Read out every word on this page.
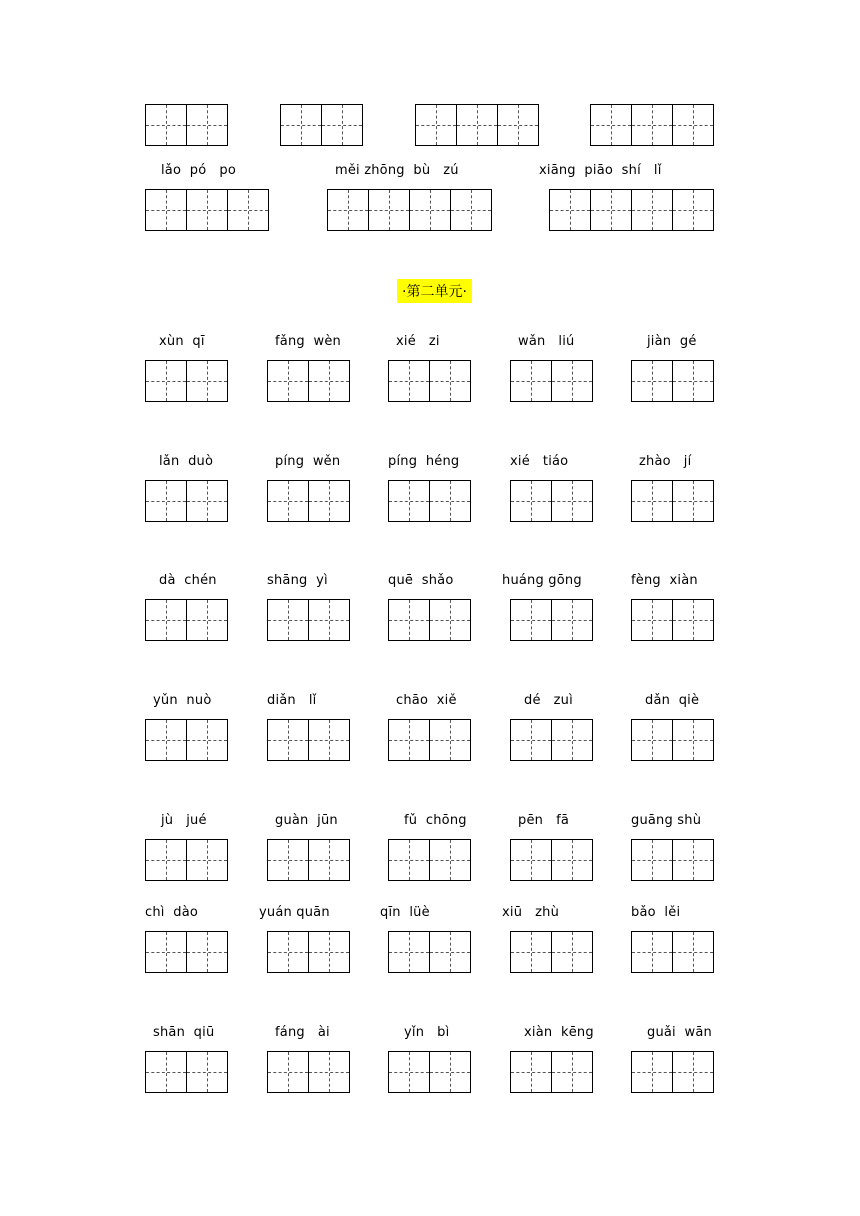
lǎo  pó   po	měi zhōng  bù   zú	xiāng  piāo  shí   lǐ
·第二单元·
xùn  qī	fǎng  wèn	xié   zi	wǎn   liú	jiàn  gé
lǎn  duò	píng  wěn	píng  héng	xié   tiáo	zhào   jí
dà  chén	shāng  yì	quē  shǎo	huáng gōng	fèng  xiàn
yǔn  nuò	diǎn   lǐ	chāo  xiě	dé   zuì	dǎn  qiè
jù   jué	guàn  jūn	fǔ  chōng	pēn   fā	guāng shù
chì  dào	yuán quān	qīn  lüè	xiū   zhù	bǎo  lěi
shān  qiū	fáng   ài	yǐn   bì	xiàn  kēng	guǎi  wān
